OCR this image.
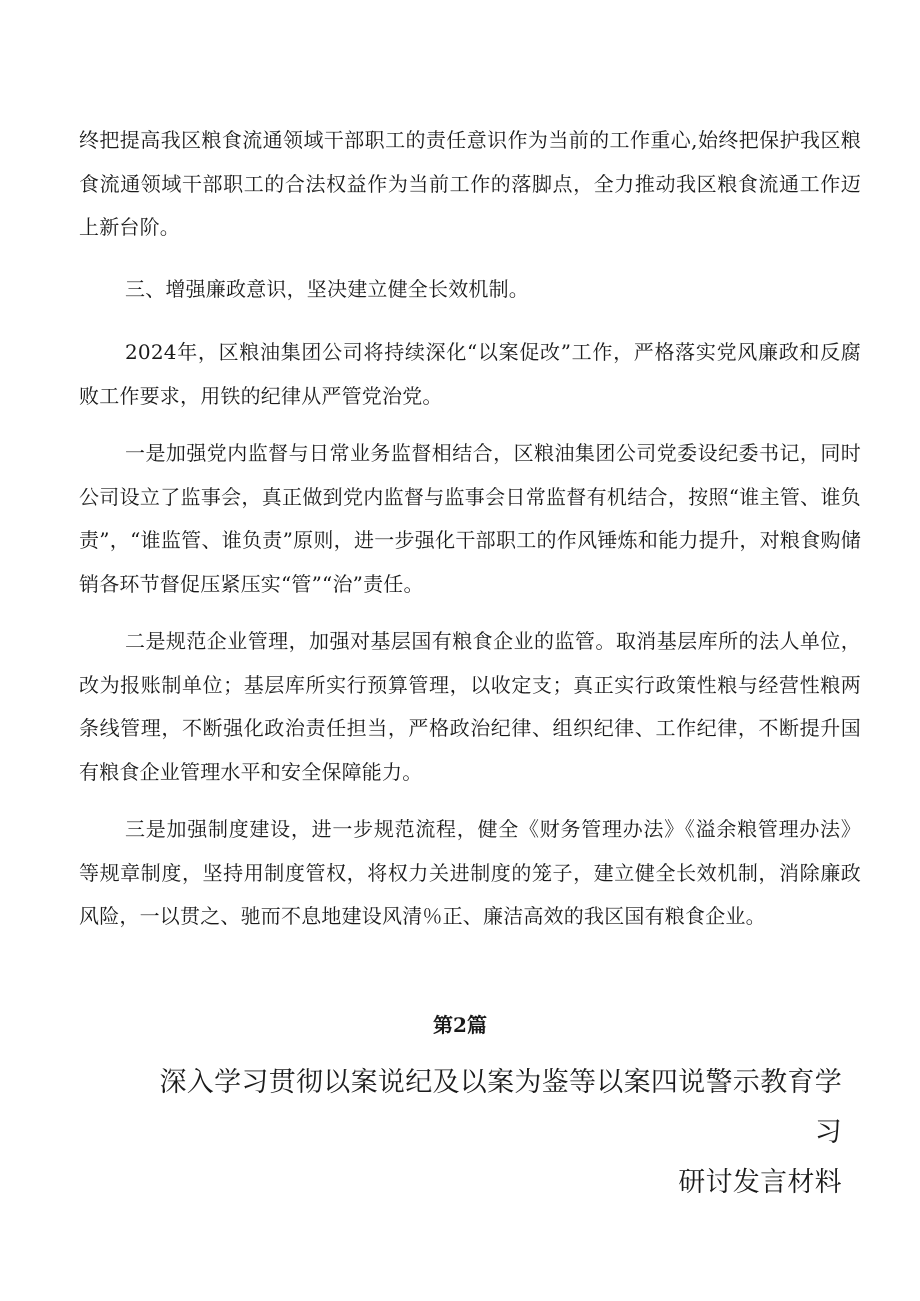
终把提高我区粮食流通领域干部职工的责任意识作为当前的工作重心,始终把保护我区粮食流通领域干部职工的合法权益作为当前工作的落脚点，全力推动我区粮食流通工作迈上新台阶。

三、增强廉政意识，坚决建立健全长效机制。

2024年，区粮油集团公司将持续深化“以案促改”工作，严格落实党风廉政和反腐败工作要求，用铁的纪律从严管党治党。

一是加强党内监督与日常业务监督相结合，区粮油集团公司党委设纪委书记，同时公司设立了监事会，真正做到党内监督与监事会日常监督有机结合，按照“谁主管、谁负责”，“谁监管、谁负责”原则，进一步强化干部职工的作风锤炼和能力提升，对粮食购储销各环节督促压紧压实“管”“治”责任。

二是规范企业管理，加强对基层国有粮食企业的监管。取消基层库所的法人单位，改为报账制单位；基层库所实行预算管理，以收定支；真正实行政策性粮与经营性粮两条线管理，不断强化政治责任担当，严格政治纪律、组织纪律、工作纪律，不断提升国有粮食企业管理水平和安全保障能力。

三是加强制度建设，进一步规范流程，健全《财务管理办法》《溢余粮管理办法》等规章制度，坚持用制度管权，将权力关进制度的笼子，建立健全长效机制，消除廉政风险，一以贯之、驰而不息地建设风清％正、廉洁高效的我区国有粮食企业。

第2篇
深入学习贯彻以案说纪及以案为鉴等以案四说警示教育学习
研讨发言材料
